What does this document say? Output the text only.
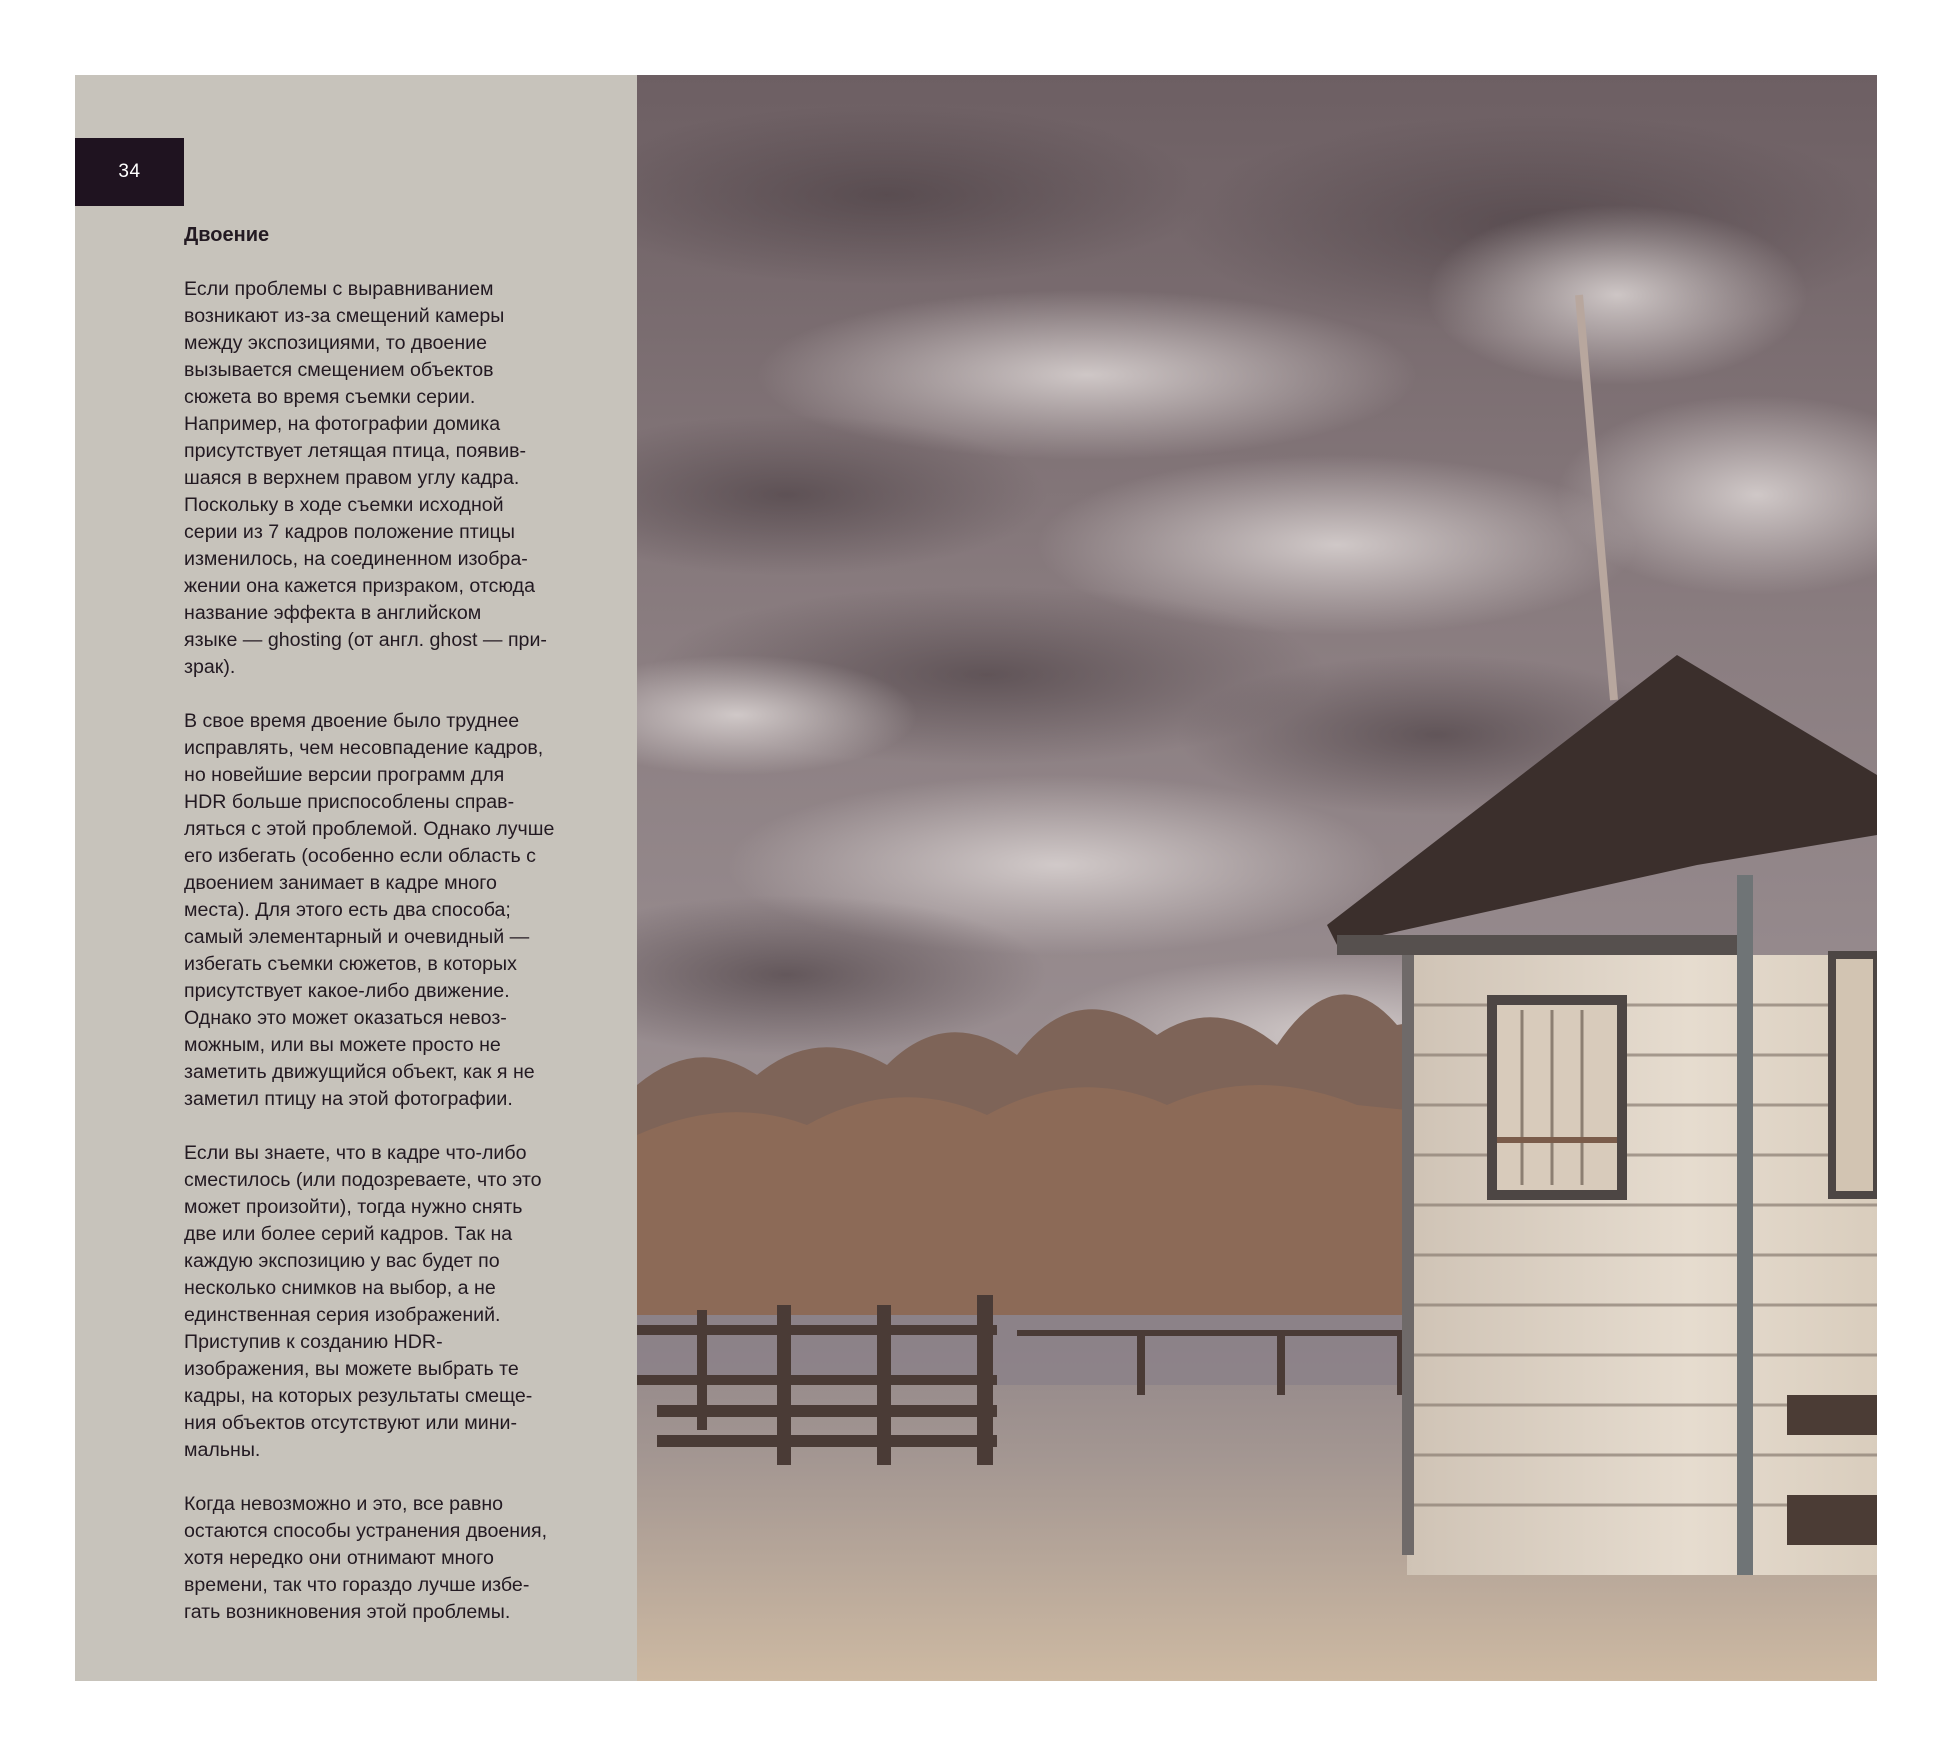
34
Двоение

Если проблемы с выравниванием
возникают из-за смещений камеры
между экспозициями, то двоение
вызывается смещением объектов
сюжета во время съемки серии.
Например, на фотографии домика
присутствует летящая птица, появив-
шаяся в верхнем правом углу кадра.
Поскольку в ходе съемки исходной
серии из 7 кадров положение птицы
изменилось, на соединенном изобра-
жении она кажется призраком, отсюда
название эффекта в английском
языке — ghosting (от англ. ghost — при-
зрак).

В свое время двоение было труднее
исправлять, чем несовпадение кадров,
но новейшие версии программ для
HDR больше приспособлены справ-
ляться с этой проблемой. Однако лучше
его избегать (особенно если область с
двоением занимает в кадре много
места). Для этого есть два способа;
самый элементарный и очевидный —
избегать съемки сюжетов, в которых
присутствует какое-либо движение.
Однако это может оказаться невоз-
можным, или вы можете просто не
заметить движущийся объект, как я не
заметил птицу на этой фотографии.

Если вы знаете, что в кадре что-либо
сместилось (или подозреваете, что это
может произойти), тогда нужно снять
две или более серий кадров. Так на
каждую экспозицию у вас будет по
несколько снимков на выбор, а не
единственная серия изображений.
Приступив к созданию HDR-
изображения, вы можете выбрать те
кадры, на которых результаты смеще-
ния объектов отсутствуют или мини-
мальны.

Когда невозможно и это, все равно
остаются способы устранения двоения,
хотя нередко они отнимают много
времени, так что гораздо лучше избе-
гать возникновения этой проблемы.
